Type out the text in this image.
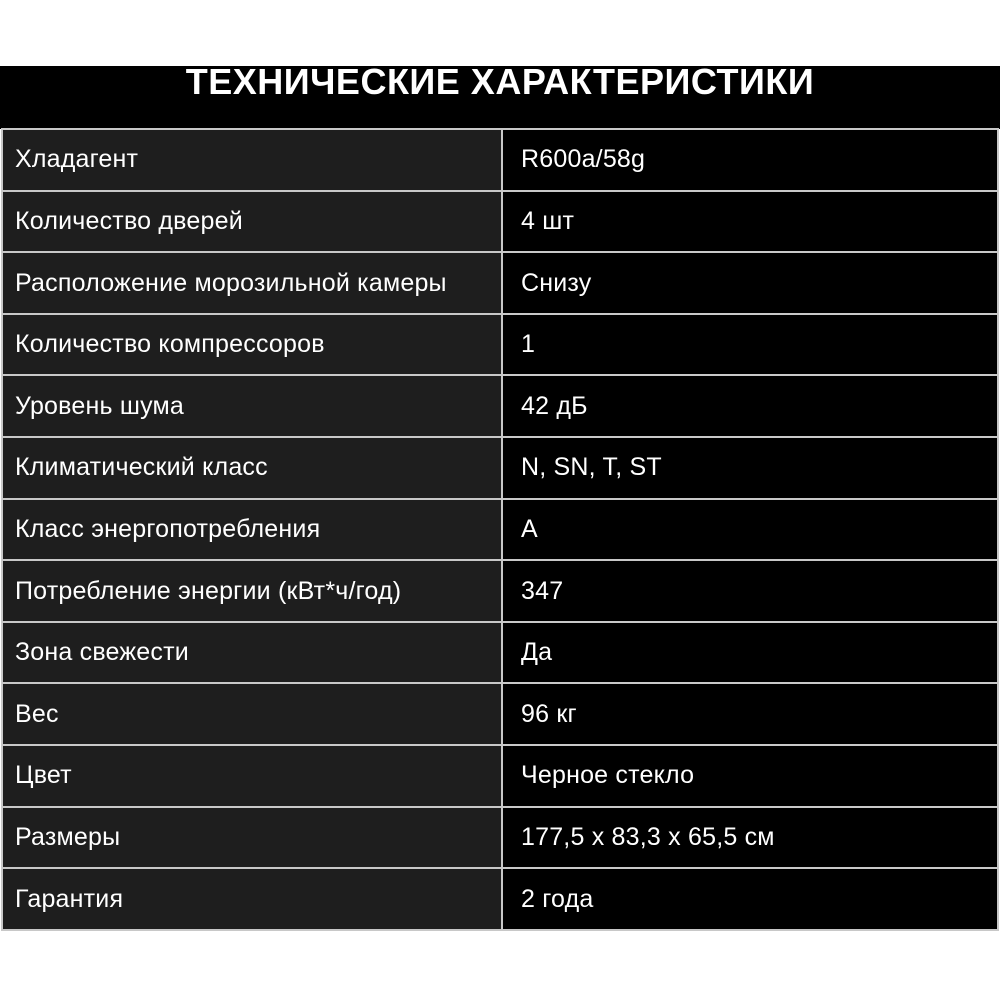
ТЕХНИЧЕСКИЕ ХАРАКТЕРИСТИКИ
Хладагент	R600a/58g
Количество дверей	4 шт
Расположение морозильной камеры	Снизу
Количество компрессоров	1
Уровень шума	42 дБ
Климатический класс	N, SN, T, ST
Класс энергопотребления	A
Потребление энергии (кВт*ч/год)	347
Зона свежести	Да
Вес	96 кг
Цвет	Черное стекло
Размеры	177,5 х 83,3 х 65,5 см
Гарантия	2 года
